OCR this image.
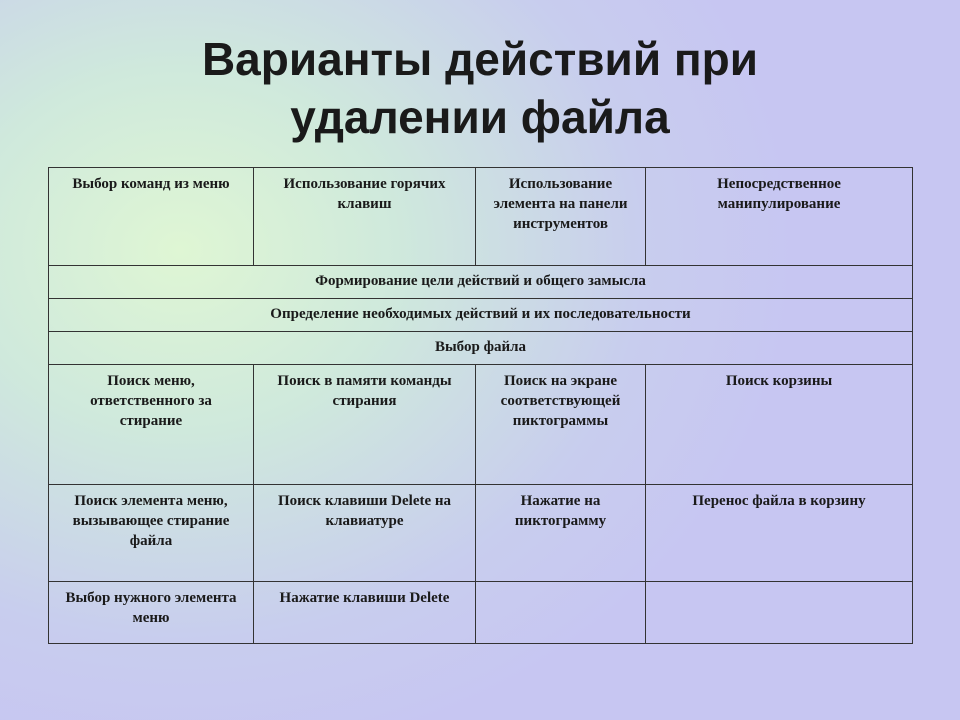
Варианты действий при
удалении файла
Выбор команд из меню	Использование горячих клавиш	Использование элемента на панели инструментов	Непосредственное манипулирование
Формирование цели действий и общего замысла			
Определение необходимых действий и их последовательности			
Выбор файла			
Поиск меню, ответственного за стирание	Поиск в памяти команды стирания	Поиск на экране соответствующей пиктограммы	Поиск корзины
Поиск элемента меню, вызывающее стирание файла	Поиск клавиши Delete на клавиатуре	Нажатие на пиктограмму	Перенос файла в корзину
Выбор нужного элемента меню	Нажатие клавиши Delete		
